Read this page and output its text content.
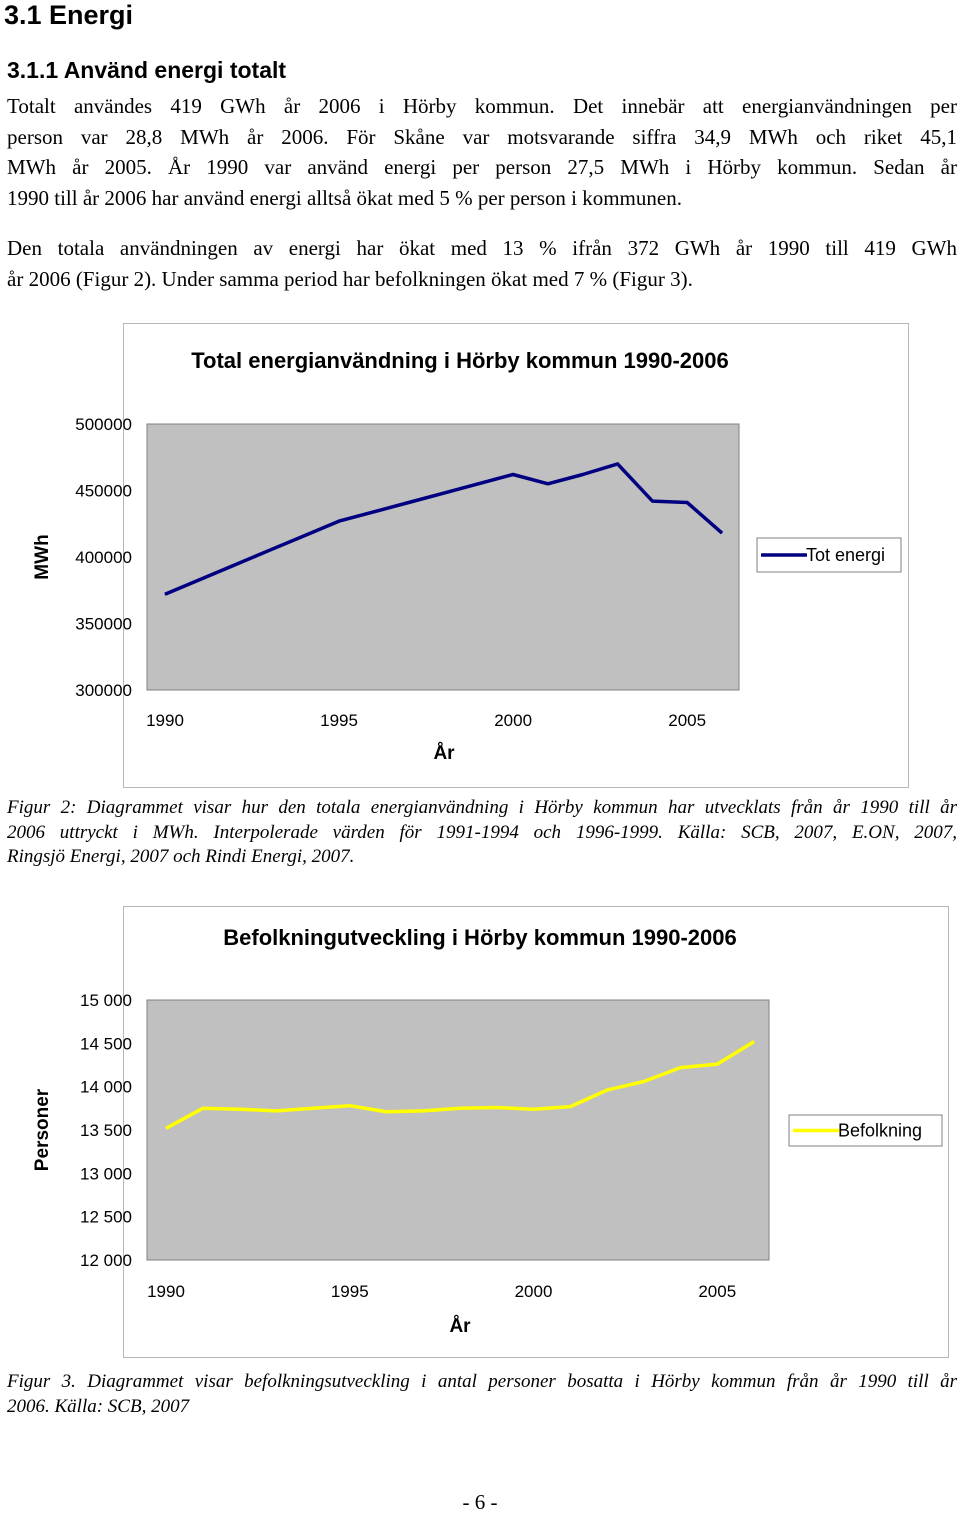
3.1 Energi
3.1.1 Använd energi totalt
Totalt användes 419 GWh år 2006 i Hörby kommun. Det innebär att energianvändningen per
person var 28,8 MWh år 2006. För Skåne var motsvarande siffra 34,9 MWh och riket 45,1
MWh år 2005. År 1990 var använd energi per person 27,5 MWh i Hörby kommun. Sedan år
1990 till år 2006 har använd energi alltså ökat med 5 % per person i kommunen.
Den totala användningen av energi har ökat med 13 % ifrån 372 GWh år 1990 till 419 GWh
år 2006 (Figur 2). Under samma period har befolkningen ökat med 7 % (Figur 3).
Total energianvändning i Hörby kommun 1990-2006
300000
350000
400000
450000
500000
1990	1995	2000	2005
År
MWh	Tot energi
Figur 2: Diagrammet visar hur den totala energianvändning i Hörby kommun har utvecklats från år 1990 till år
2006 uttryckt i MWh. Interpolerade värden för 1991-1994 och 1996-1999. Källa: SCB, 2007, E.ON, 2007,
Ringsjö Energi, 2007 och Rindi Energi, 2007.
Befolkningutveckling i Hörby kommun 1990-2006
12 000
12 500
13 000
13 500
14 000
14 500
15 000
1990	1995	2000	2005
År
Personer	Befolkning
Figur 3. Diagrammet visar befolkningsutveckling i antal personer bosatta i Hörby kommun från år 1990 till år
2006. Källa: SCB, 2007
- 6 -
